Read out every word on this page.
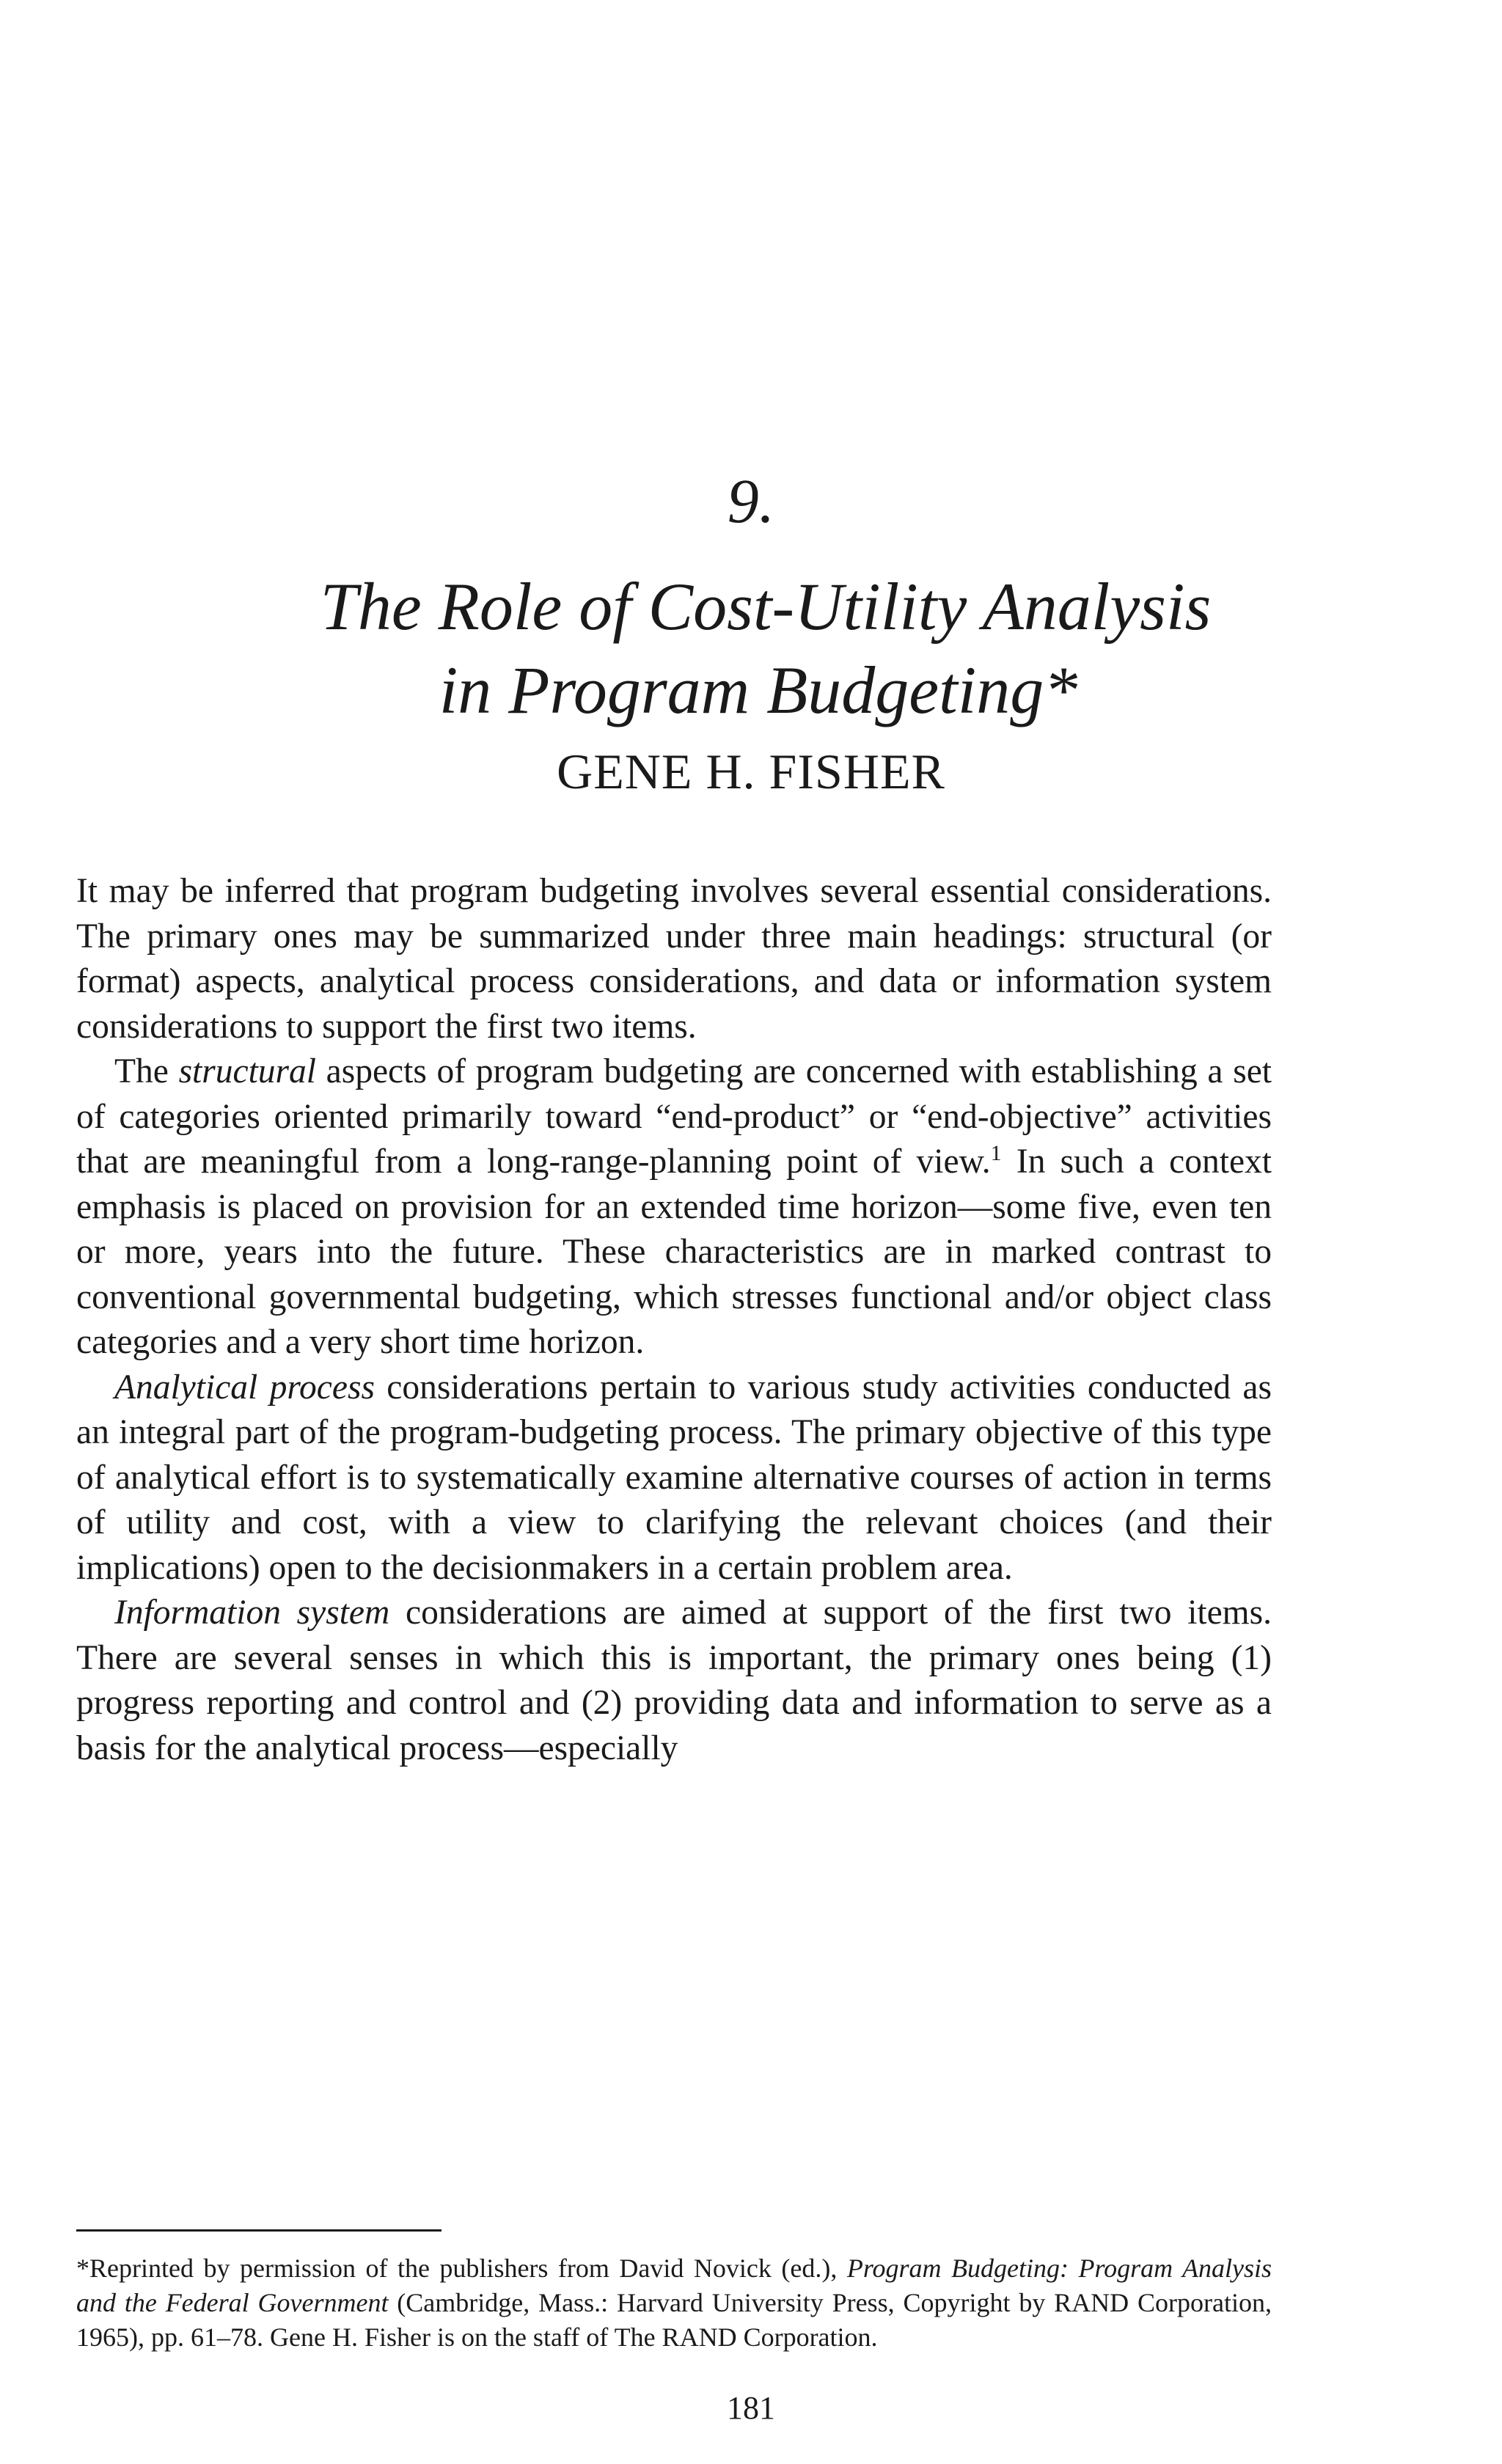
9.
The Role of Cost-Utility Analysis
in Program Budgeting*
GENE H. FISHER

It may be inferred that program budgeting involves several essential considerations. The primary ones may be summarized under three main headings: structural (or format) aspects, analytical process considerations, and data or information system considerations to support the first two items.

The structural aspects of program budgeting are concerned with establishing a set of categories oriented primarily toward “end-product” or “end-objective” activities that are meaningful from a long-range-planning point of view.$^1$ In such a context emphasis is placed on provision for an extended time horizon—some five, even ten or more, years into the future. These characteristics are in marked contrast to conventional governmental budgeting, which stresses functional and/or object class categories and a very short time horizon.

Analytical process considerations pertain to various study activities conducted as an integral part of the program-budgeting process. The primary objective of this type of analytical effort is to systematically examine alternative courses of action in terms of utility and cost, with a view to clarifying the relevant choices (and their implications) open to the decisionmakers in a certain problem area.

Information system considerations are aimed at support of the first two items. There are several senses in which this is important, the primary ones being (1) progress reporting and control and (2) providing data and information to serve as a basis for the analytical process—especially

*Reprinted by permission of the publishers from David Novick (ed.), Program Budgeting: Program Analysis and the Federal Government (Cambridge, Mass.: Harvard University Press, Copyright by RAND Corporation, 1965), pp. 61–78. Gene H. Fisher is on the staff of The RAND Corporation.
181
